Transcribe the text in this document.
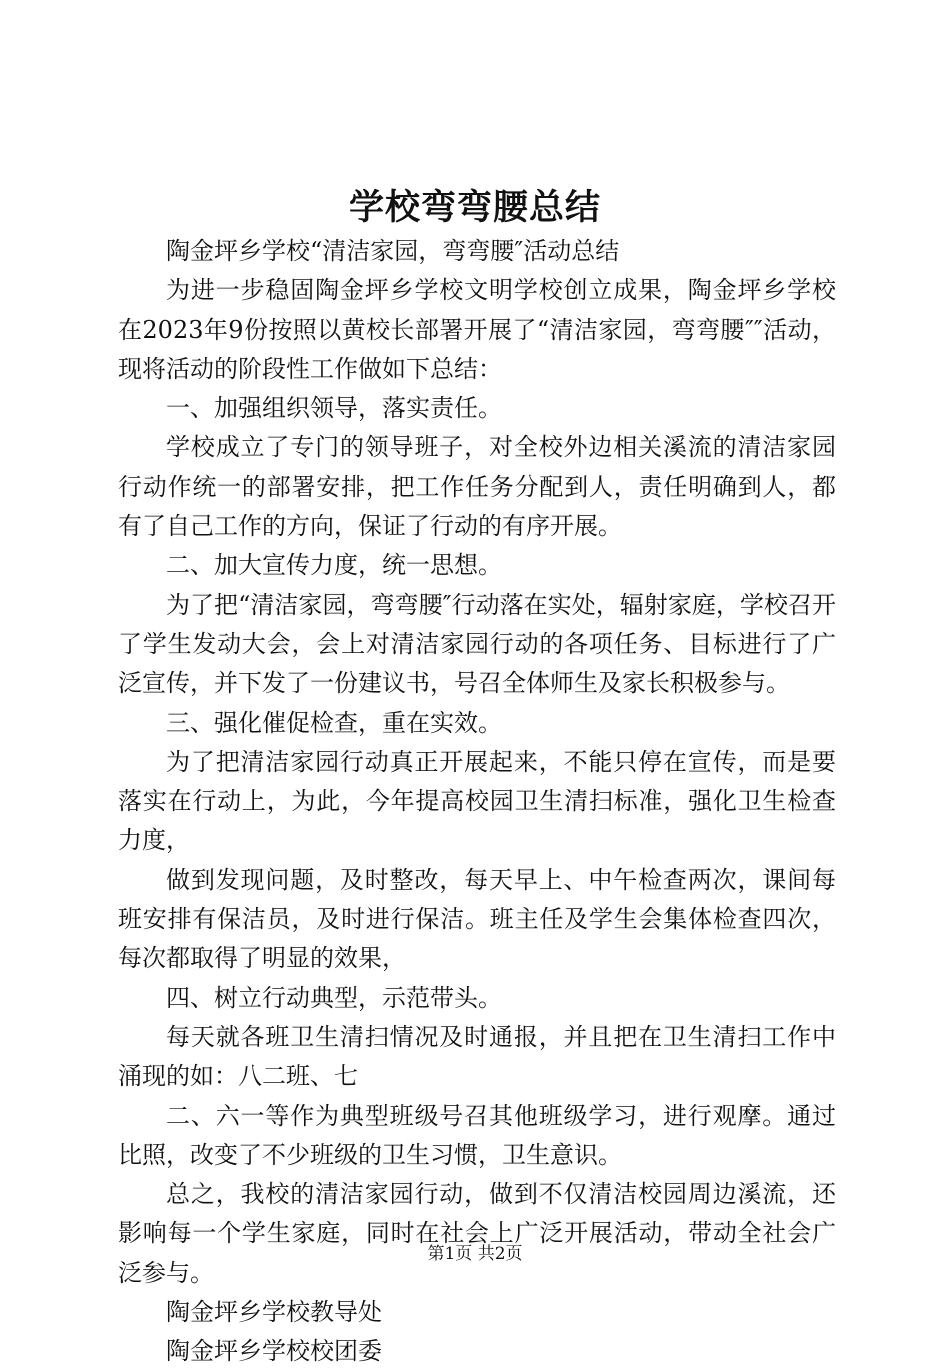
学校弯弯腰总结

陶金坪乡学校“清洁家园，弯弯腰″活动总结

为进一步稳固陶金坪乡学校文明学校创立成果，陶金坪乡学校在2023年9份按照以黄校长部署开展了“清洁家园，弯弯腰″″活动，现将活动的阶段性工作做如下总结：

一、加强组织领导，落实责任。

学校成立了专门的领导班子，对全校外边相关溪流的清洁家园行动作统一的部署安排，把工作任务分配到人，责任明确到人，都有了自己工作的方向，保证了行动的有序开展。

二、加大宣传力度，统一思想。

为了把“清洁家园，弯弯腰″行动落在实处，辐射家庭，学校召开了学生发动大会，会上对清洁家园行动的各项任务、目标进行了广泛宣传，并下发了一份建议书，号召全体师生及家长积极参与。

三、强化催促检查，重在实效。

为了把清洁家园行动真正开展起来，不能只停在宣传，而是要落实在行动上，为此，今年提高校园卫生清扫标准，强化卫生检查力度，

做到发现问题，及时整改，每天早上、中午检查两次，课间每班安排有保洁员，及时进行保洁。班主任及学生会集体检查四次，每次都取得了明显的效果，

四、树立行动典型，示范带头。

每天就各班卫生清扫情况及时通报，并且把在卫生清扫工作中涌现的如：八二班、七

二、六一等作为典型班级号召其他班级学习，进行观摩。通过比照，改变了不少班级的卫生习惯，卫生意识。

总之，我校的清洁家园行动，做到不仅清洁校园周边溪流，还影响每一个学生家庭，同时在社会上广泛开展活动，带动全社会广泛参与。

陶金坪乡学校教导处

陶金坪乡学校校团委

第1页 共2页
